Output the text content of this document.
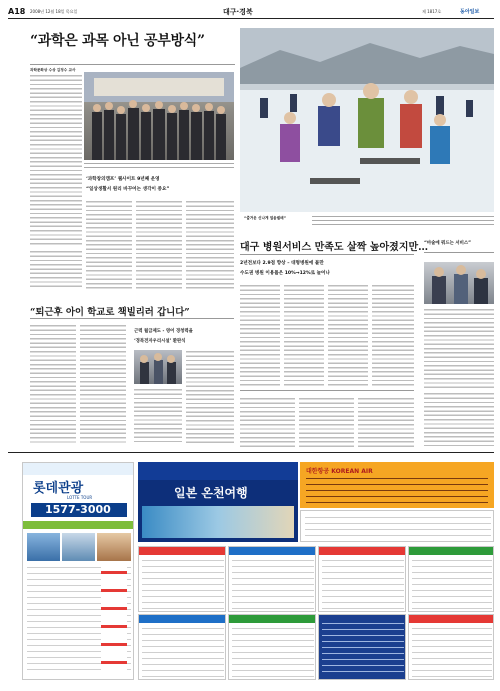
A18 2008년 12월 18일 목요일	대구·경북	제 1817호	동아일보
“과학은 과목 아닌 공부방식”
과학문화상 수상 김정수 교사
‘과학창의캠프’ 웹사이트 9년째 운영
“일상생활서 원리 바꾸어는 생각이 중요”
“즐거운 신나게 얼음썰매”
대구 병원서비스 만족도 살짝 높아졌지만…
2년전보다 2.9점 향상 – 대형병원에 불만
수도권 병원 이용률은 10%→12%로 늘어나
“마술에 뭐드는 서비스”
“퇴근후 아이 학교로 책빌리러 갑니다”
근력 월급제도 - 영어 경청력을
‘경북전자우리시설’ 환판식
롯데관광
LOTTE TOUR
1577-3000
일본 온천여행
대한항공 KOREAN AIR
